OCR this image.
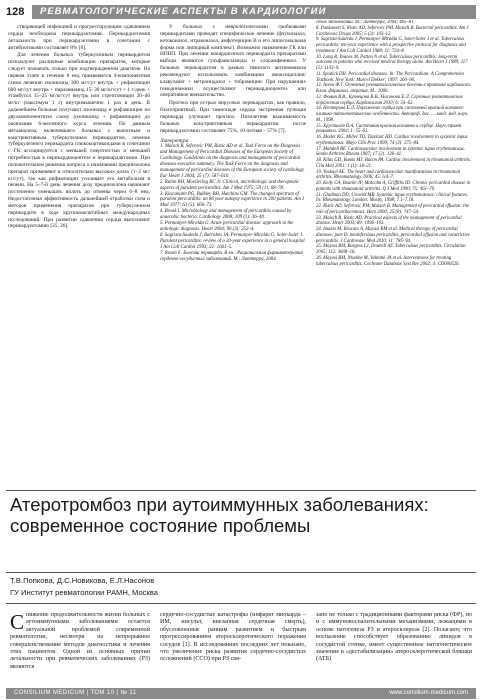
128 РЕВМАТОЛОГИЧЕСКИЕ АСПЕКТЫ В КАРДИОЛОГИИ

створяющей инфекцией и прогрессирующим сдавлением сердца необходима перикардэктомия. Перикардиотомия летальность при перикардэктомии в сочетании с антибиотиками составляет 8% [8].

Для лечения больных туберкулезным перикардитом используют различные комбинации препаратов, которые следует назначать только при подтвержденном диагнозе. На первом этапе в течение 8 нед применяется 4-компонентная схема лечения: изониазид 300 мг/сут внутрь + рифампицин 600 мг/сут внутрь + пиразинамид 15–30 мг/кг/сут + 1 г/день + этамбутол 15–25 мг/кг/сут внутрь или стрептомицин 20–40 мг/кг (максимум 1 г) внутримышечно 1 раз в день. В дальнейшем больные получают изониазид и рифампицин по двухкомпонентную схему (изониазид + рифампицин) до окончания 6-месячного курса лечения. По данным метаанализа, включившего больных с выпотным и констриктивным туберкулезным перикардитом, лечение туберкулезного перикардита глюкокортикоидами в сочетании с ГК ассоциируется с меньшей смертностью и меньшей потребностью в перикардиоцентезе и перикардэктомии. При положительном решении вопроса о назначении преднизолона препарат применяют в относительно высоких дозах (1–2 мг/кг/сут), так как рифампицин усиливает его метаболизм в печени. На 5–7-й день лечения дозу преднизолона начинают постепенно уменьшать вплоть до отмены через 6–8 нед. Недостаточная эффективность дальнейшей отработки схем и методов применения препаратов при туберкулезном перикардите в ходе крупномасштабных международных исследований. При развитии сдавления сердца выполняют перикардэктомию [25, 26].

У больных с неврологическими грибковыми перикардитами проводят специфическое лечение (флуконазол, кетоконазол, итраконазол, амфотерицин В и его липосомальная форма или липидный комплекс). Возможно назначение ГК или НПВП. При лечении нокардиозного перикардита препаратами выбора являются сульфаниламиды и хлорамфеникол. У больных перикардитом в рамках тяжелого актиномикоза рекомендуют использовать комбинацию амоксициллин/клавуланат + метронидазол + тобрамицин. При нарушениях гемодинамики осуществляют перикардиоцентез или оперативное вмешательство.

Прогноз при острых вирусных перикардитах, как правило, благоприятный. При тампонаде сердца экстренная пункция перикарда улучшает прогноз. Пятилетняя выживаемость больных констриктивным перикардитом после перикардэктомии составляет 75%, 10-летняя – 57% [7].

Литература
1. Maisch B, Seferovic PM, Ristic AD et al. Task Force on the Diagnosis and Management of Pericardial Diseases of the European Society of Cardiology. Guidelines on the diagnosis and management of pericardial diseases executive summary. The Task Force on the diagnosis and management of pericardial diseases of the European society of cardiology. Eur Heart J 2004; 25 (7): 587–610.
2. Rubin RH, Moellering RC Jr. Clinical, microbiologic and therapeutic aspects of purulent pericarditis. Am J Med 1975; 59 (1): 68–78.
3. Klacsmann PG, Bulkley BH, Hutchins GM. The changed spectrum of purulent pericarditis: an 86 year autopsy experience in 200 patients. Am J Med 1977; 63 (5): 666–73.
4. Brook I. Microbiology and management of pericarditis caused by anaerobic bacteria. Cardiology 2008; 109 (1): 36–40.
5. Permanyer-Miralda G. Acute pericardial disease: approach to the aetiologic diagnosis. Heart 2004; 90 (3): 252–4.
6. Sagrista-Sauleda J, Barrabes JA, Permanyer-Miralda G, Soler-Soler J. Purulent pericarditis: review of a 20-year experience in a general hospital. J Am Coll Cardiol 1993; 22: 1661–5.
7. Rosen E. Болезни перикарда. В кн.: Рациональная фармакотерапия сердечно-сосудистых заболеваний. М.: Литтерра, 2004.
стых заболеваний. М.: Литтерра, 2004; 465–81.
8. Pankuweit S, Ristic AD, Seferovic PM, Maisch B. Bacterial pericarditis. Am J Cardiovasc Drugs 2005; 5 (2): 103–12.
9. Sagrista-Sauleda J, Permanyer-Miralda G, Soler-Soler J et al. Tuberculous pericarditis: ten-year experience with a prospective protocol for diagnosis and treatment. J Am Coll Cardiol 1988; 11: 724–8.
10. Long R, Younes M, Patton N et al. Tuberculous pericarditis: long-term outcome in patients who received medical therapy alone. Am Heart J 1989; 117 (5): 1133–9.
11. Spodick DH. Pericardial diseases. In: The Pericardium: A Comprehensive Textbook. New York: Marcel Dekker; 1997: 260–90.
12. Агеев Ф.Т. Основные ревматологические болезни в практике кардиолога. Клин. фармакол. терапия, М.: 2000.
13. Фомин В.В., Кузнецова В.В., Насонова Е.Л. Серозные ревматические поражения сердца. Кардиология 2010; 6: 54–62.
14. Нестерова Е.Л. Поражение сердца при системной красной волчанке: клинико-патогенетические особенности. Автореф. дис. … канд. мед. наук. М., 1998.
15. Хрусталёв О.А. Системная красная волчанка и сердце. Науч.-практ. ревматол. 2004; 1: 55–61.
16. Moder KG, Miller TD, Tazelaar HD. Cardiac involvement in systemic lupus erythematosus. Mayo Clin Proc 1999; 74 (3): 275–84.
17. Mandell BF. Cardiovascular involvement in systemic lupus erythematosus. Semin Arthritis Rheum 1987; 17 (2): 126–41.
18. Kitas GD, Banks MJ, Bacon PA. Cardiac involvement in rheumatoid arthritis. Clin Med 2001; 1 (1): 18–21.
19. Voskuyl AE. The heart and cardiovascular manifestations in rheumatoid arthritis. Rheumatology 2006; 45: iv4–7.
20. Kelly CA, Bourke JP, Malcolm A, Griffiths ID. Chronic pericardial disease in patients with rheumatoid arthritis. Q J Med 1990; 75: 461–70.
21. Gladman DD, Urowitz MB. Systemic lupus erythematosus: clinical features. In: Rheumatology. London: Mosby, 1998; 7.1–7.18.
22. Ristic AD, Seferovic PM, Maisch B. Management of pericardial effusion: the role of pericardiocentesis. Herz 2000; 25 (8): 747–54.
23. Maisch B, Ristic AD. Practical aspects of the management of pericardial disease. Heart 2003; 89: 1096–103.
24. Imazio M, Brucato A, Mayosi BM et al. Medical therapy of pericardial diseases: part II: noninfectious pericarditis, pericardial effusion and constrictive pericarditis. J Cardiovasc Med 2010; 11: 785–94.
25. Mayosi BM, Burgess LJ, Doubell AF. Tuberculous pericarditis. Circulation 2005; 112: 3608–16.
26. Mayosi BM, Ntsekhe M, Volmink JA et al. Interventions for treating tuberculous pericarditis. Cochrane Database Syst Rev 2002; 4: CD000526.
Атеротромбоз при аутоиммунных заболеваниях: современное состояние проблемы
Т.В.Попкова, Д.С.Новикова, Е.Л.Насонов
ГУ Институт ревматологии РАМН, Москва

Снижение продолжительности жизни больных с аутоиммунными заболеваниями остается актуальной проблемой современной ревматологии, несмотря на непрерывное совершенствование методов диагностики и лечения этих пациентов. Одной из основных причин летальности при ревматических заболеваниях (РЗ) являются

сердечно-сосудистые катастрофы (инфаркт миокарда – ИМ, инсульт, внезапная сердечная смерть), обусловленные ранним развитием и быстрым прогрессированием атеросклеротического поражения сосудов [1]. В исследованиях последних лет показано, что увеличение риска развития сердечно-сосудистых осложнений (ССО) при РЗ свя-

зано не только с традиционными факторами риска (ФР), но и с иммуновоспалительными механизмами, лежащими в основе патогенеза РЗ и атеросклероза [2]. Полагают, что воспаление способствует образованию липидов в сосудистой стенке, имеет существенное патогенетическое значение в «дестабилизации» атеросклеротической бляшки (АТБ)

CONSILIUM MEDICUM | ТОМ 10 | № 11	www.consilium-medicum.com
